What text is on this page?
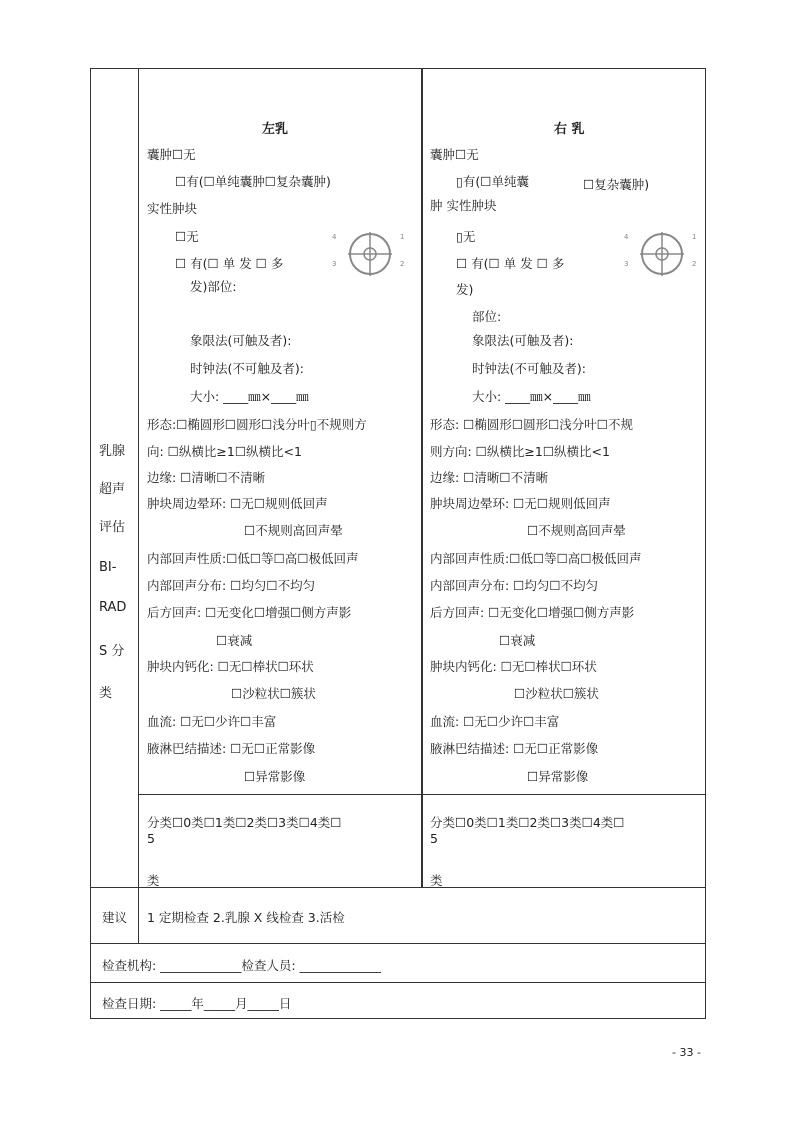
乳腺
超声
评估
BI-
RAD
S 分
类
左乳
囊肿☐无
☐有(☐单纯囊肿☐复杂囊肿)
实性肿块
☐无
☐ 有(☐ 单 发 ☐ 多
发)部位:
象限法(可触及者):
时钟法(不可触及者):
大小: ____㎜×____㎜
形态:☐椭圆形☐圆形☐浅分叶▯不规则方
向: ☐纵横比≥1☐纵横比<1
边缘: ☐清晰☐不清晰
肿块周边晕环: ☐无☐规则低回声
☐不规则高回声晕
内部回声性质:☐低☐等☐高☐极低回声
内部回声分布: ☐均匀☐不均匀
后方回声: ☐无变化☐增强☐侧方声影
☐衰减
肿块内钙化: ☐无☐棒状☐环状
☐沙粒状☐簇状
血流: ☐无☐少许☐丰富
腋淋巴结描述: ☐无☐正常影像
☐异常影像
分类☐0类☐1类☐2类☐3类☐4类☐
5
类
4	1
3	2
右 乳
囊肿☐无
▯有(☐单纯囊	☐复杂囊肿)
肿 实性肿块
▯无
☐ 有(☐ 单 发 ☐ 多
发)
部位:
象限法(可触及者):
时钟法(不可触及者):
大小: ____㎜×____㎜
形态: ☐椭圆形☐圆形☐浅分叶☐不规
则方向: ☐纵横比≥1☐纵横比<1
边缘: ☐清晰☐不清晰
肿块周边晕环: ☐无☐规则低回声
☐不规则高回声晕
内部回声性质:☐低☐等☐高☐极低回声
内部回声分布: ☐均匀☐不均匀
后方回声: ☐无变化☐增强☐侧方声影
☐衰减
肿块内钙化: ☐无☐棒状☐环状
☐沙粒状☐簇状
血流: ☐无☐少许☐丰富
腋淋巴结描述: ☐无☐正常影像
☐异常影像
分类☐0类☐1类☐2类☐3类☐4类☐
5
类
4	1
3	2
建议 1 定期检查 2.乳腺 X 线检查 3.活检
检查机构: _____________检查人员: _____________
检查日期: _____年_____月_____日
- 33 -
